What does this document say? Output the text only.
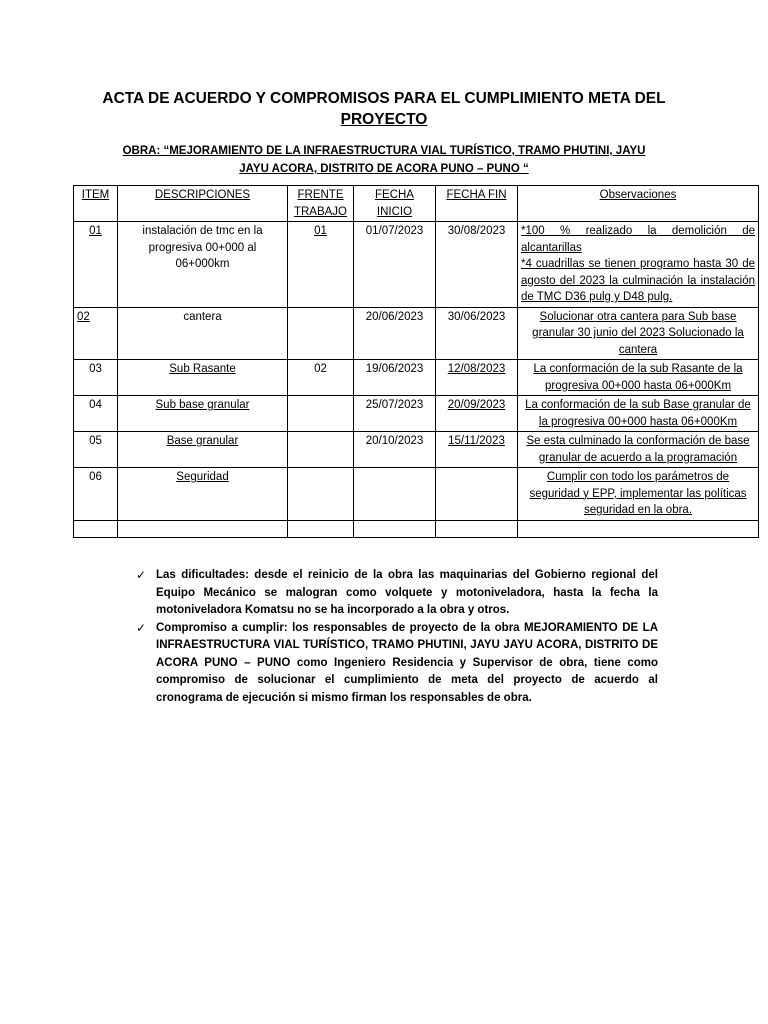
ACTA DE ACUERDO Y COMPROMISOS PARA EL CUMPLIMIENTO META DEL
PROYECTO
OBRA: “MEJORAMIENTO DE LA INFRAESTRUCTURA VIAL TURÍSTICO, TRAMO PHUTINI, JAYU
JAYU ACORA, DISTRITO DE ACORA PUNO – PUNO “
ITEM	DESCRIPCIONES	FRENTE TRABAJO	FECHA INICIO	FECHA FIN	Observaciones
01	instalación de tmc en la progresiva 00+000 al 06+000km	01	01/07/2023	30/08/2023	*100 % realizado la demolición de alcantarillas
*4 cuadrillas se tienen programo hasta 30 de agosto del 2023 la culminación la instalación de TMC D36 pulg y D48 pulg.

02	cantera		20/06/2023	30/06/2023	Solucionar otra cantera para Sub base granular 30 junio del 2023 Solucionado la cantera
03	Sub Rasante	02	19/06/2023	12/08/2023	La conformación de la sub Rasante de la progresiva 00+000 hasta 06+000Km
04	Sub base granular		25/07/2023	20/09/2023	La conformación de la sub Base granular de la progresiva 00+000 hasta 06+000Km
05	Base granular		20/10/2023	15/11/2023	Se esta culminado la conformación de base granular de acuerdo a la programación
06	Seguridad				Cumplir con todo los parámetros de seguridad y EPP, implementar las políticas seguridad en la obra.

✓ Las dificultades: desde el reinicio de la obra las maquinarias del Gobierno regional del Equipo Mecánico se malogran como volquete y motoniveladora, hasta la fecha la motoniveladora Komatsu no se ha incorporado a la obra y otros.
✓ Compromiso a cumplir: los responsables de proyecto de la obra MEJORAMIENTO DE LA INFRAESTRUCTURA VIAL TURÍSTICO, TRAMO PHUTINI, JAYU JAYU ACORA, DISTRITO DE ACORA PUNO – PUNO como Ingeniero Residencia y Supervisor de obra, tiene como compromiso de solucionar el cumplimiento de meta del proyecto de acuerdo al cronograma de ejecución si mismo firman los responsables de obra.
